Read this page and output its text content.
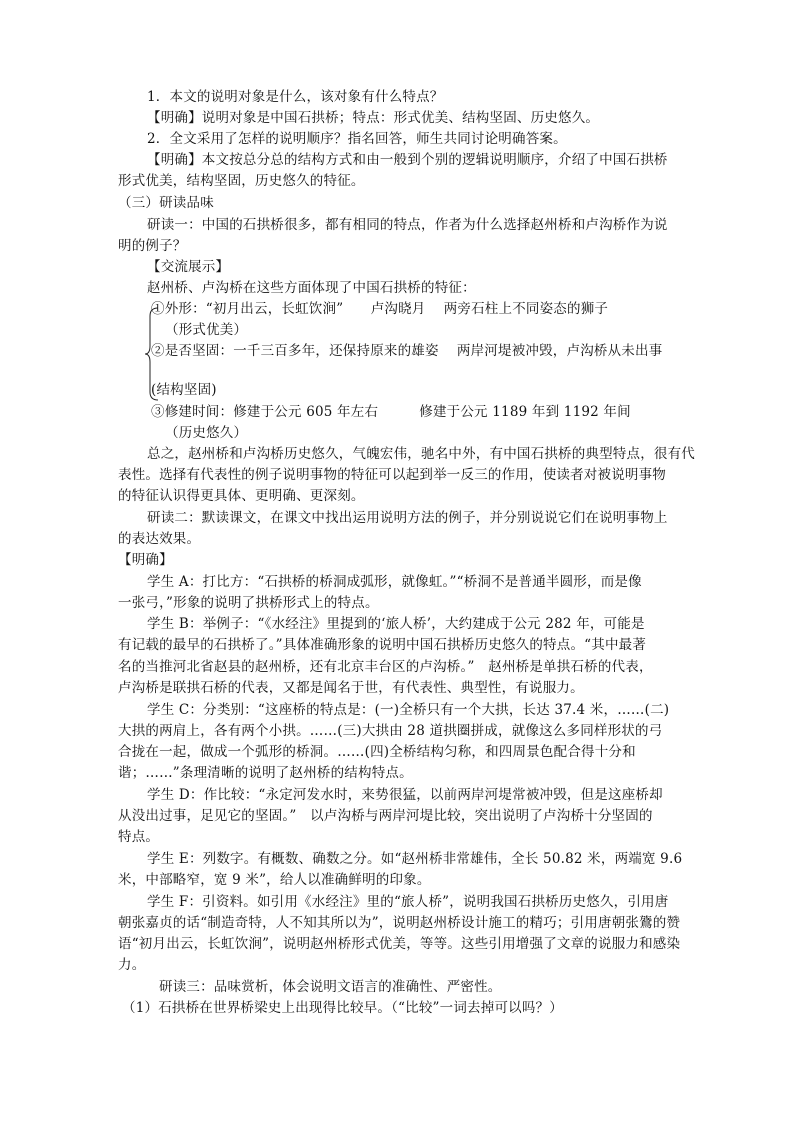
1．本文的说明对象是什么，该对象有什么特点？
【明确】说明对象是中国石拱桥；特点：形式优美、结构坚固、历史悠久。
2．全文采用了怎样的说明顺序？指名回答，师生共同讨论明确答案。
【明确】本文按总分总的结构方式和由一般到个别的逻辑说明顺序，介绍了中国石拱桥
形式优美，结构坚固，历史悠久的特征。
（三）研读品味
研读一：中国的石拱桥很多，都有相同的特点，作者为什么选择赵州桥和卢沟桥作为说
明的例子？
【交流展示】
赵州桥、卢沟桥在这些方面体现了中国石拱桥的特征：
①外形：“初月出云，长虹饮涧”　　卢沟晓月　 两旁石柱上不同姿态的狮子
（形式优美）
②是否坚固：一千三百多年，还保持原来的雄姿　 两岸河堤被冲毁，卢沟桥从未出事
(结构坚固)
③修建时间：修建于公元 605 年左右　　　修建于公元 1189 年到 1192 年间
（历史悠久）
总之，赵州桥和卢沟桥历史悠久，气魄宏伟，驰名中外，有中国石拱桥的典型特点，很有代
表性。选择有代表性的例子说明事物的特征可以起到举一反三的作用，使读者对被说明事物
的特征认识得更具体、更明确、更深刻。
研读二：默读课文，在课文中找出运用说明方法的例子，并分别说说它们在说明事物上
的表达效果。
【明确】
学生 A：打比方：“石拱桥的桥洞成弧形，就像虹。”“桥洞不是普通半圆形，而是像
一张弓，”形象的说明了拱桥形式上的特点。
学生 B：举例子：“《水经注》里提到的‘旅人桥’，大约建成于公元 282 年，可能是
有记载的最早的石拱桥了。”具体准确形象的说明中国石拱桥历史悠久的特点。“其中最著
名的当推河北省赵县的赵州桥，还有北京丰台区的卢沟桥。”　赵州桥是单拱石桥的代表，
卢沟桥是联拱石桥的代表，又都是闻名于世，有代表性、典型性，有说服力。
学生 C：分类别：“这座桥的特点是：(一)全桥只有一个大拱，长达 37.4 米，……(二)
大拱的两肩上，各有两个小拱。……(三)大拱由 28 道拱圈拼成，就像这么多同样形状的弓
合拢在一起，做成一个弧形的桥洞。……(四)全桥结构匀称，和四周景色配合得十分和
谐；……”条理清晰的说明了赵州桥的结构特点。
学生 D：作比较：“永定河发水时，来势很猛，以前两岸河堤常被冲毁，但是这座桥却
从没出过事，足见它的坚固。”　以卢沟桥与两岸河堤比较，突出说明了卢沟桥十分坚固的
特点。
学生 E：列数字。有概数、确数之分。如“赵州桥非常雄伟，全长 50.82 米，两端宽 9.6
米，中部略窄，宽 9 米”，给人以准确鲜明的印象。
学生 F：引资料。如引用《水经注》里的“旅人桥”，说明我国石拱桥历史悠久，引用唐
朝张嘉贞的话“制造奇特，人不知其所以为”，说明赵州桥设计施工的精巧；引用唐朝张鷟的赞
语“初月出云，长虹饮涧”，说明赵州桥形式优美，等等。这些引用增强了文章的说服力和感染
力。
研读三：品味赏析，体会说明文语言的准确性、严密性。
（1）石拱桥在世界桥梁史上出现得比较早。（“比较”一词去掉可以吗？）
